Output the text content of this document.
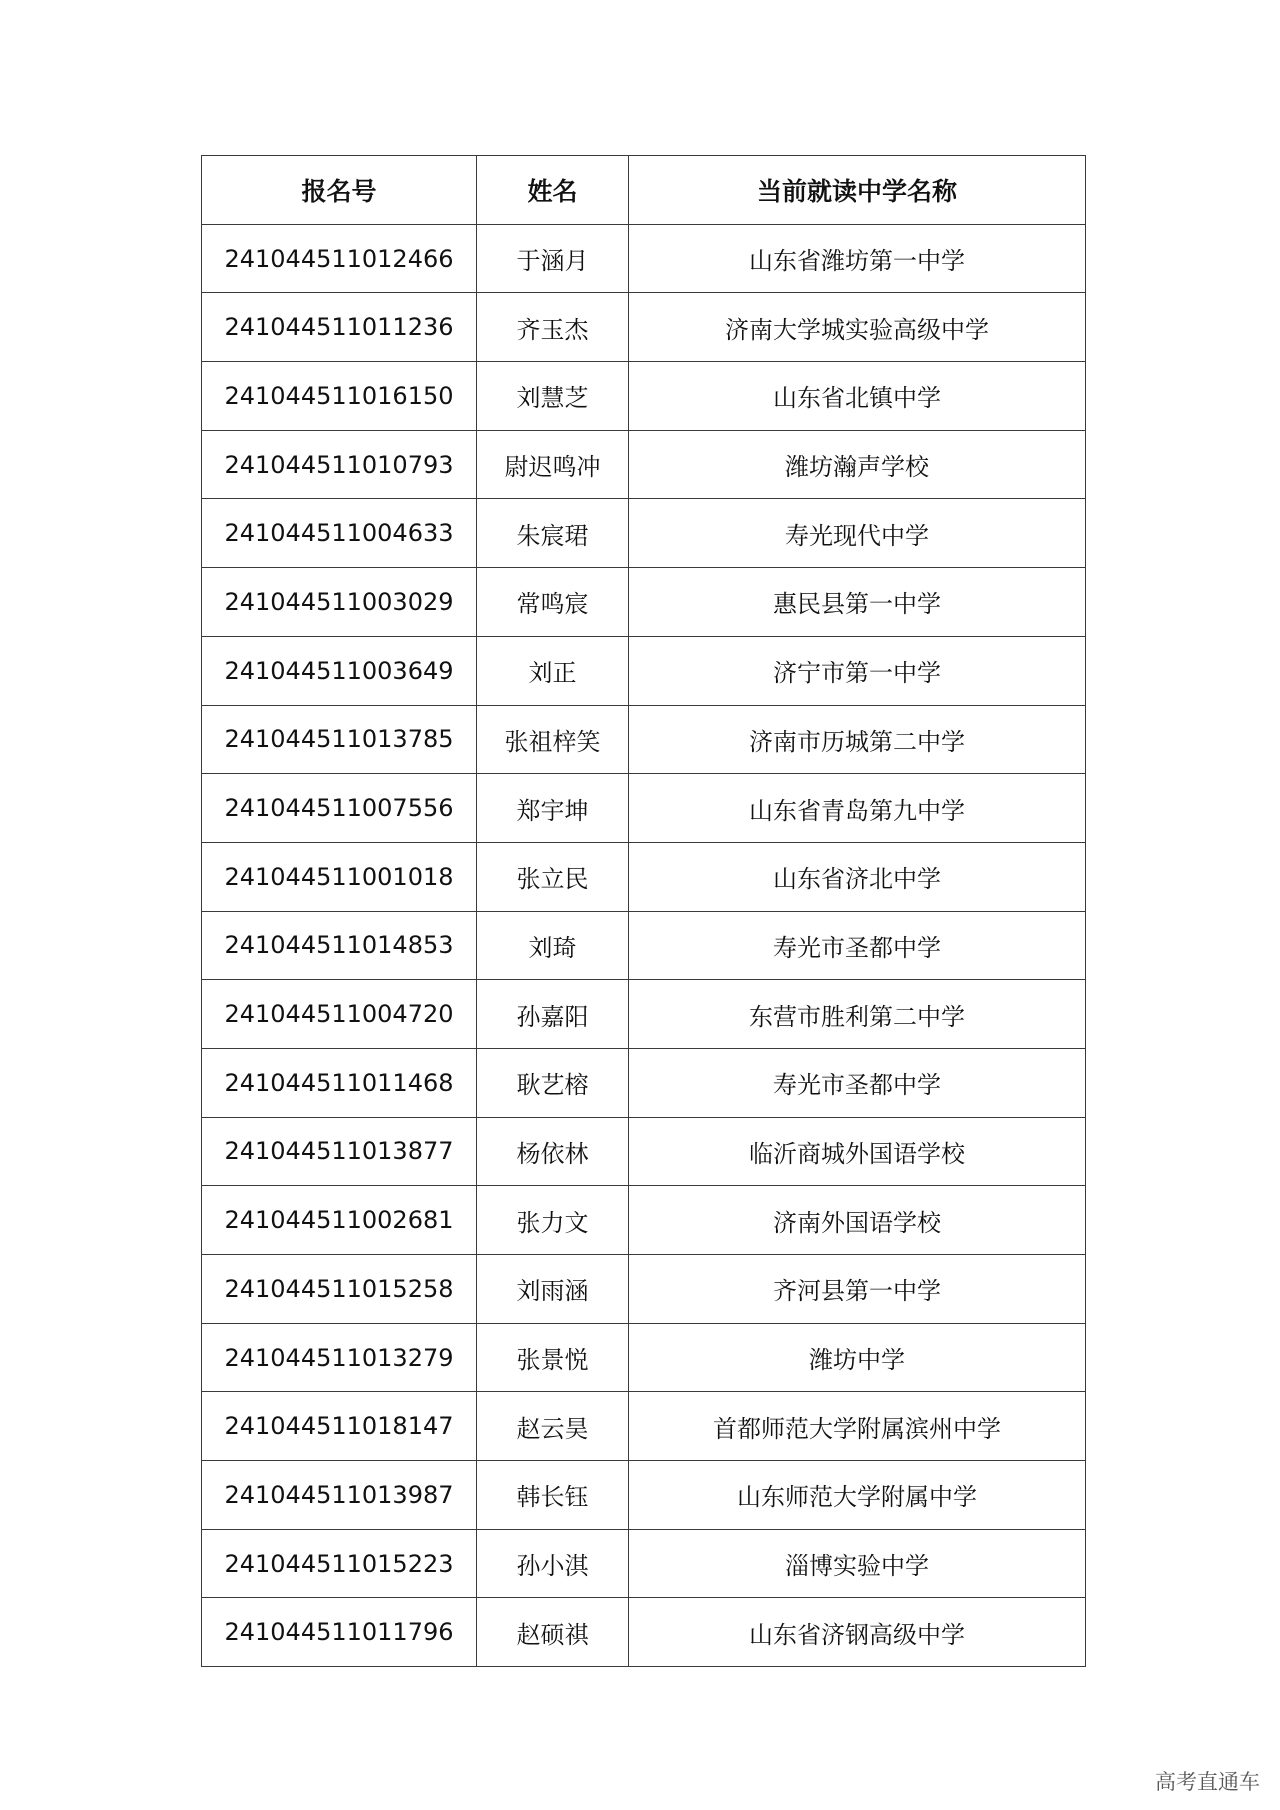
报名号	姓名	当前就读中学名称
241044511012466	于涵月	山东省潍坊第一中学
241044511011236	齐玉杰	济南大学城实验高级中学
241044511016150	刘慧芝	山东省北镇中学
241044511010793	尉迟鸣冲	潍坊瀚声学校
241044511004633	朱宸珺	寿光现代中学
241044511003029	常鸣宸	惠民县第一中学
241044511003649	刘正	济宁市第一中学
241044511013785	张祖梓笑	济南市历城第二中学
241044511007556	郑宇坤	山东省青岛第九中学
241044511001018	张立民	山东省济北中学
241044511014853	刘琦	寿光市圣都中学
241044511004720	孙嘉阳	东营市胜利第二中学
241044511011468	耿艺榕	寿光市圣都中学
241044511013877	杨依林	临沂商城外国语学校
241044511002681	张力文	济南外国语学校
241044511015258	刘雨涵	齐河县第一中学
241044511013279	张景悦	潍坊中学
241044511018147	赵云昊	首都师范大学附属滨州中学
241044511013987	韩长钰	山东师范大学附属中学
241044511015223	孙小淇	淄博实验中学
241044511011796	赵硕祺	山东省济钢高级中学
高考直通车
